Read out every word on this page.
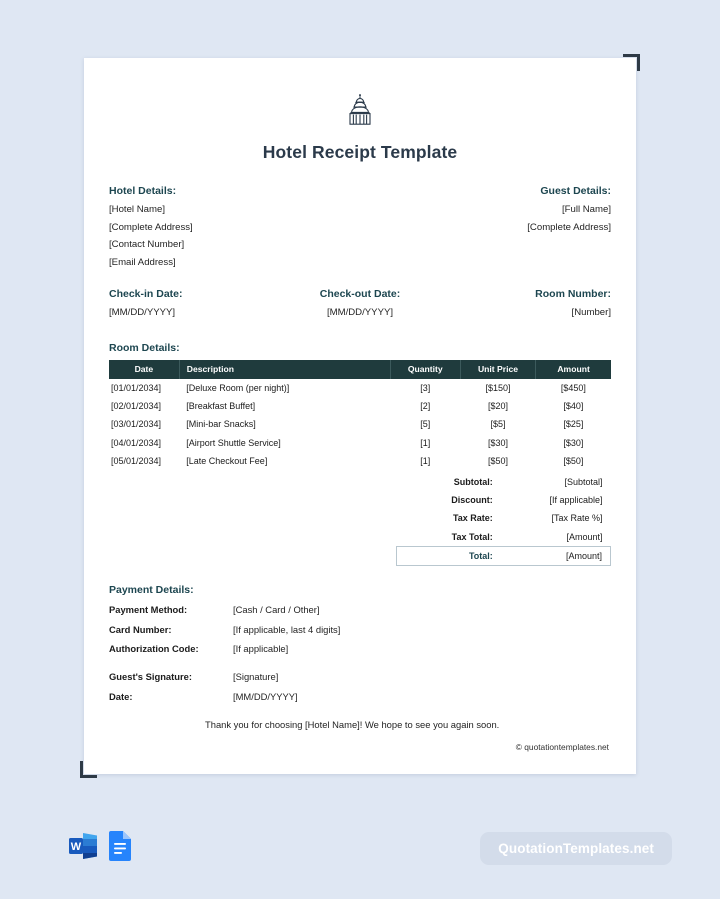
Hotel Receipt Template
Hotel Details:
[Hotel Name]
[Complete Address]
[Contact Number]
[Email Address]
Guest Details:
[Full Name]
[Complete Address]
Check-in Date:
[MM/DD/YYYY]
Check-out Date:
[MM/DD/YYYY]
Room Number:
[Number]
Room Details:
Date	Description	Quantity	Unit Price	Amount
[01/01/2034]	[Deluxe Room (per night)]	[3]	[$150]	[$450]
[02/01/2034]	[Breakfast Buffet]	[2]	[$20]	[$40]
[03/01/2034]	[Mini-bar Snacks]	[5]	[$5]	[$25]
[04/01/2034]	[Airport Shuttle Service]	[1]	[$30]	[$30]
[05/01/2034]	[Late Checkout Fee]	[1]	[$50]	[$50]
Subtotal:	[Subtotal]
Discount:	[If applicable]
Tax Rate:	[Tax Rate %]
Tax Total:	[Amount]
Total:	[Amount]
Payment Details:
Payment Method:	[Cash / Card / Other]
Card Number:	[If applicable, last 4 digits]
Authorization Code:	[If applicable]
Guest's Signature:	[Signature]
Date:	[MM/DD/YYYY]
Thank you for choosing [Hotel Name]! We hope to see you again soon.
© quotationtemplates.net
W	QuotationTemplates.net
